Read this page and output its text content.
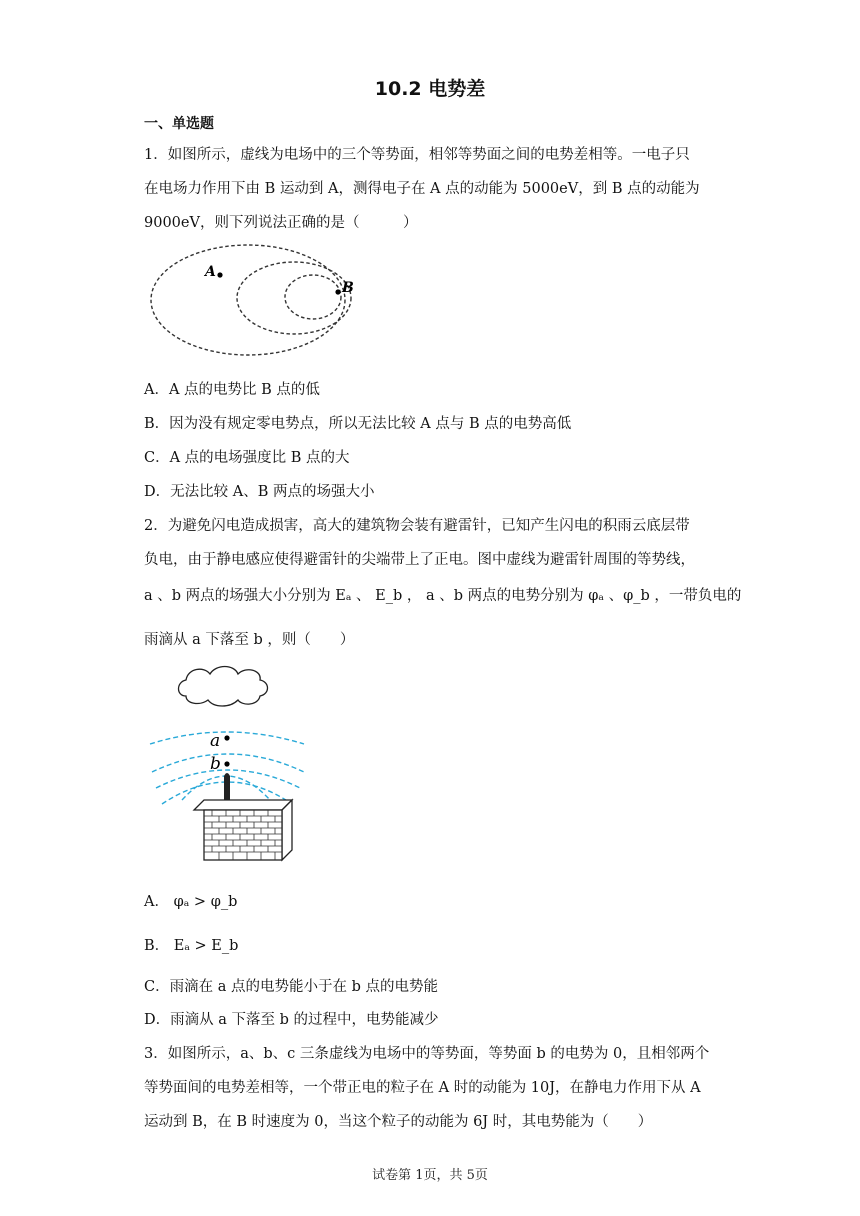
10.2 电势差
一、单选题
1．如图所示，虚线为电场中的三个等势面，相邻等势面之间的电势差相等。一电子只
在电场力作用下由 B 运动到 A，测得电子在 A 点的动能为 5000eV，到 B 点的动能为
9000eV，则下列说法正确的是（　　　）
A
B
A．A 点的电势比 B 点的低
B．因为没有规定零电势点，所以无法比较 A 点与 B 点的电势高低
C．A 点的电场强度比 B 点的大
D．无法比较 A、B 两点的场强大小
2．为避免闪电造成损害，高大的建筑物会装有避雷针，已知产生闪电的积雨云底层带
负电，由于静电感应使得避雷针的尖端带上了正电。图中虚线为避雷针周围的等势线，
a 、b 两点的场强大小分别为 Eₐ 、 E_b ， a 、b 两点的电势分别为 φₐ 、φ_b ，一带负电的
雨滴从 a 下落至 b ，则（　　）
a
b
A． φₐ > φ_b
B． Eₐ > E_b
C．雨滴在 a 点的电势能小于在 b 点的电势能
D．雨滴从 a 下落至 b 的过程中，电势能减少
3．如图所示，a、b、c 三条虚线为电场中的等势面，等势面 b 的电势为 0，且相邻两个
等势面间的电势差相等，一个带正电的粒子在 A 时的动能为 10J，在静电力作用下从 A
运动到 B，在 B 时速度为 0，当这个粒子的动能为 6J 时，其电势能为（　　）
试卷第 1页，共 5页
